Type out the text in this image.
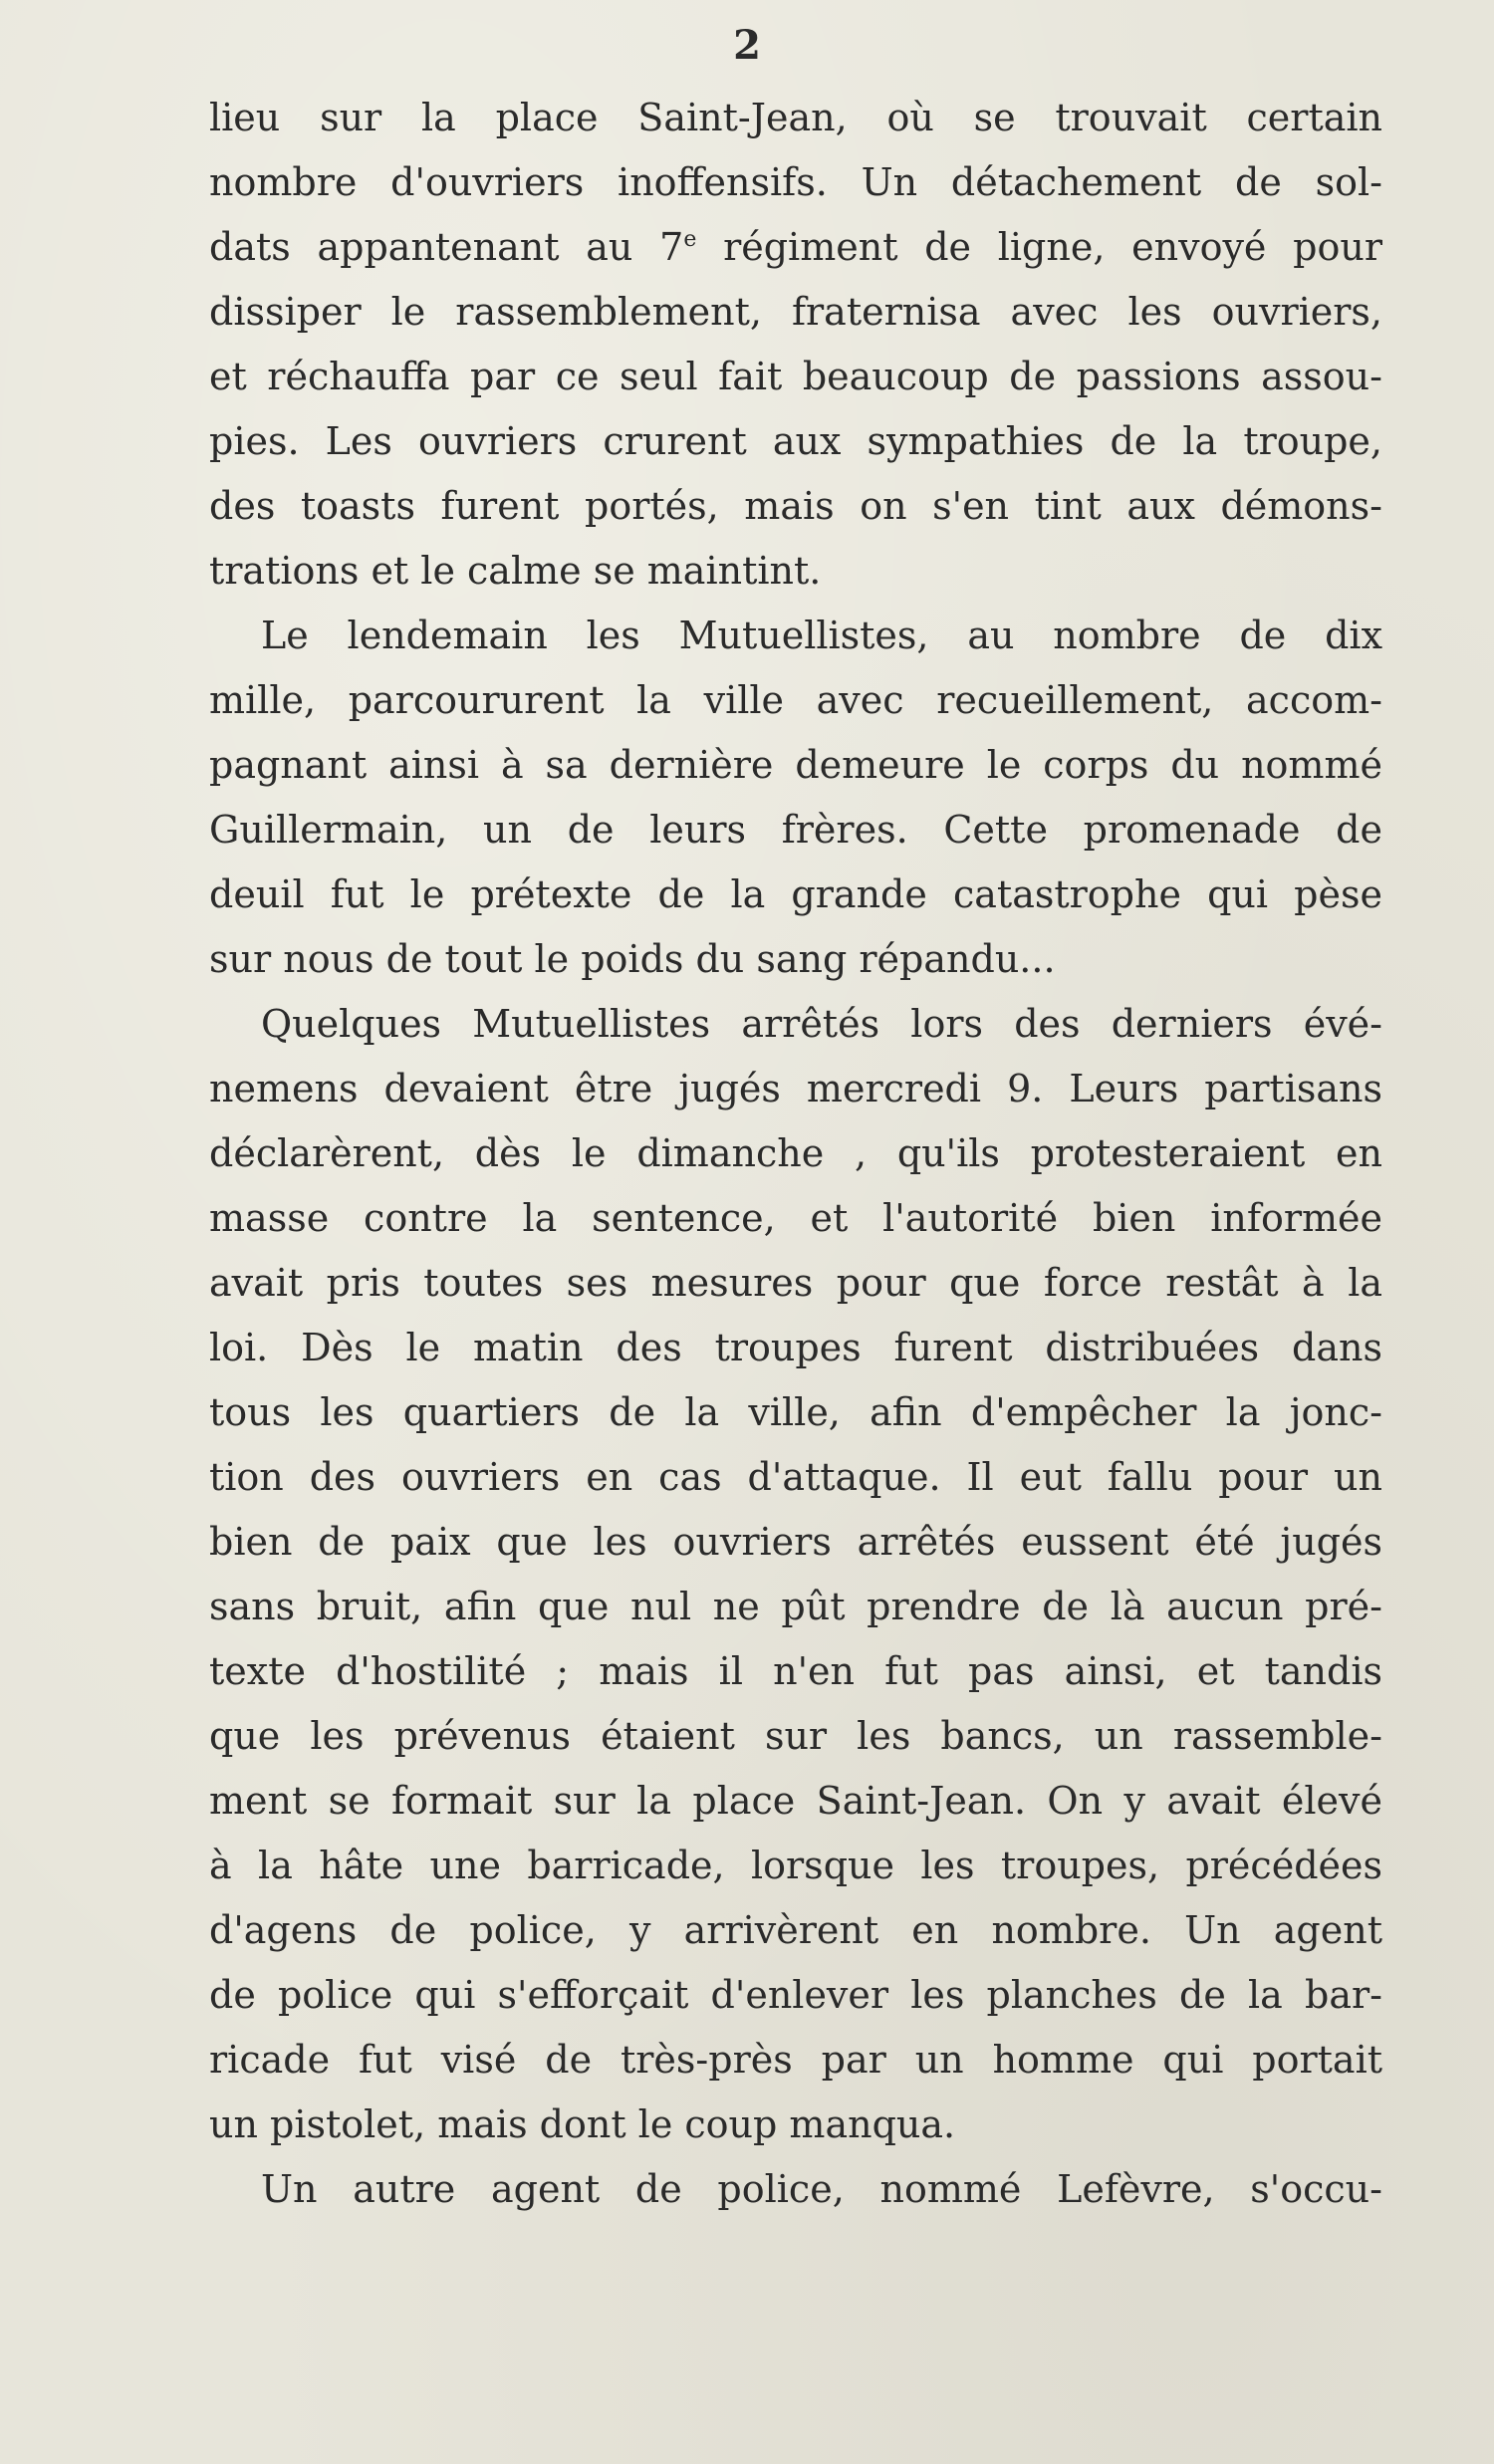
2
lieu sur la place Saint-Jean, où se trouvait certain
nombre d'ouvriers inoffensifs. Un détachement de sol-
dats appantenant au 7e régiment de ligne, envoyé pour
dissiper le rassemblement, fraternisa avec les ouvriers,
et réchauffa par ce seul fait beaucoup de passions assou-
pies. Les ouvriers crurent aux sympathies de la troupe,
des toasts furent portés, mais on s'en tint aux démons-
trations et le calme se maintint.
Le lendemain les Mutuellistes, au nombre de dix
mille, parcoururent la ville avec recueillement, accom-
pagnant ainsi à sa dernière demeure le corps du nommé
Guillermain, un de leurs frères. Cette promenade de
deuil fut le prétexte de la grande catastrophe qui pèse
sur nous de tout le poids du sang répandu...
Quelques Mutuellistes arrêtés lors des derniers évé-
nemens devaient être jugés mercredi 9. Leurs partisans
déclarèrent, dès le dimanche , qu'ils protesteraient en
masse contre la sentence, et l'autorité bien informée
avait pris toutes ses mesures pour que force restât à la
loi. Dès le matin des troupes furent distribuées dans
tous les quartiers de la ville, afin d'empêcher la jonc-
tion des ouvriers en cas d'attaque. Il eut fallu pour un
bien de paix que les ouvriers arrêtés eussent été jugés
sans bruit, afin que nul ne pût prendre de là aucun pré-
texte d'hostilité ; mais il n'en fut pas ainsi, et tandis
que les prévenus étaient sur les bancs, un rassemble-
ment se formait sur la place Saint-Jean. On y avait élevé
à la hâte une barricade, lorsque les troupes, précédées
d'agens de police, y arrivèrent en nombre. Un agent
de police qui s'efforçait d'enlever les planches de la bar-
ricade fut visé de très-près par un homme qui portait
un pistolet, mais dont le coup manqua.
Un autre agent de police, nommé Lefèvre, s'occu-
